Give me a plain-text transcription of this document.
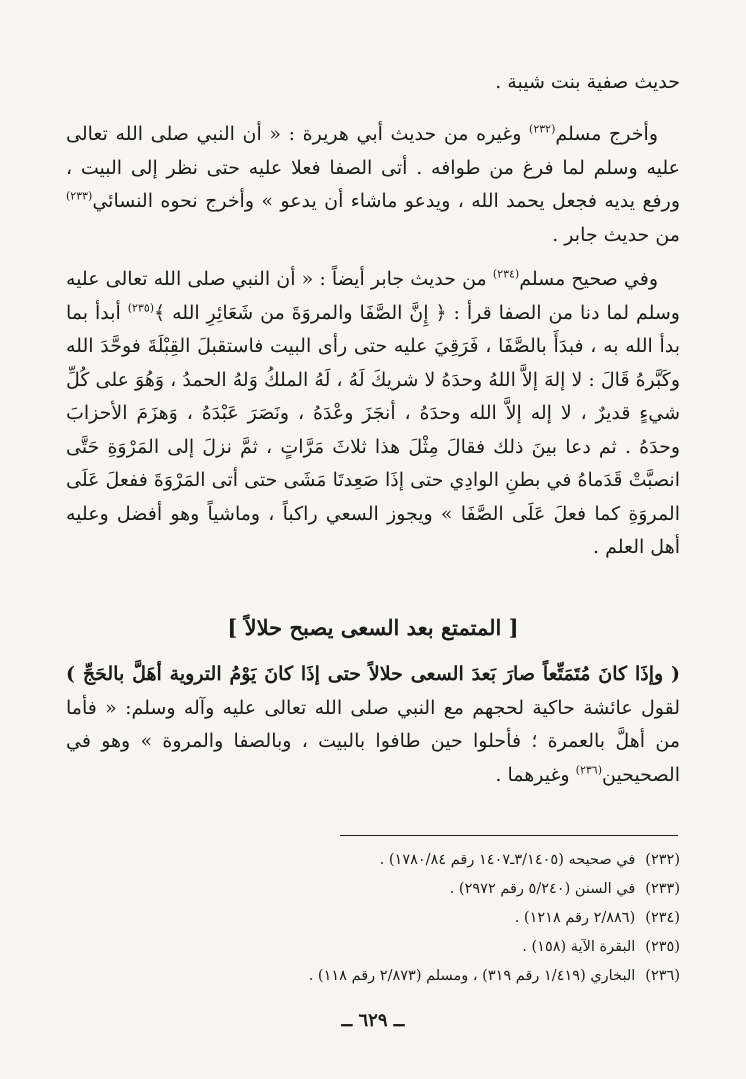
حديث صفية بنت شيبة .

وأخرج مسلم$^{(٢٣٢)}$ وغيره من حديث أبي هريرة : « أن النبي صلى الله تعالى عليه وسلم لما فرغ من طوافه . أتى الصفا فعلا عليه حتى نظر إلى البيت ، ورفع يديه فجعل يحمد الله ، ويدعو ماشاء أن يدعو » وأخرج نحوه النسائي$^{(٢٣٣)}$ من حديث جابر .

وفي صحيح مسلم$^{(٢٣٤)}$ من حديث جابر أيضاً : « أن النبي صلى الله تعالى عليه وسلم لما دنا من الصفا قرأ : ﴿ إِنَّ الصَّفَا والمروَةَ من شَعَائِرِ الله ﴾$^{(٢٣٥)}$ أبدأ بما بدأ الله به ، فبدَأَ بالصَّفَا ، فَرَقِيَ عليه حتى رأى البيت فاستقبلَ القِبْلَةَ فوحَّدَ الله وكَبَّرهُ قَالَ : لا إلهَ إلاَّ اللهُ وحدَهُ لا شريكَ لَهُ ، لَهُ الملكُ وَلهُ الحمدُ ، وَهُوَ على كُلِّ شيءٍ قديرٌ ، لا إله إلاَّ الله وحدَهُ ، أنجَزَ وعْدَهُ ، ونَصَرَ عَبْدَهُ ، وَهزَمَ الأحزابَ وحدَهُ . ثم دعا بينَ ذلك فقالَ مِثْلَ هذا ثلاثَ مَرَّاتٍ ، ثمَّ نزلَ إلى المَرْوَةِ حَتَّى انصبَّتْ قَدَماهُ في بطنِ الوادِي حتى إذَا صَعِدتَا مَشَى حتى أتى المَرْوَةَ ففعلَ عَلَى المروَةِ كما فعلَ عَلَى الصَّفَا » ويجوز السعي راكباً ، وماشياً وهو أفضل وعليه أهل العلم .

[ المتمتع بعد السعى يصبح حلالاً ]

( وإذَا كانَ مُتَمَتِّعاً صارَ بَعدَ السعى حلالاً حتى إذَا كانَ يَوْمُ التروية أهَلَّ بالحَجِّ ) لقول عائشة حاكية لحجهم مع النبي صلى الله تعالى عليه وآله وسلم: « فأما من أهلَّ بالعمرة ؛ فأحلوا حين طافوا بالبيت ، وبالصفا والمروة » وهو في الصحيحين$^{(٢٣٦)}$ وغيرهما .

(٢٣٢)في صحيحه (٣/١٤٠٥ـ١٤٠٧ رقم ١٧٨٠/٨٤) .
(٢٣٣)في السنن (٥/٢٤٠ رقم ٢٩٧٢) .
(٢٣٤)(٢/٨٨٦ رقم ١٢١٨) .
(٢٣٥)البقرة الآية (١٥٨) .
(٢٣٦)البخاري (١/٤١٩ رقم ٣١٩) ، ومسلم (٢/٨٧٣ رقم ١١٨) .
ــ ٦٢٩ ــ
